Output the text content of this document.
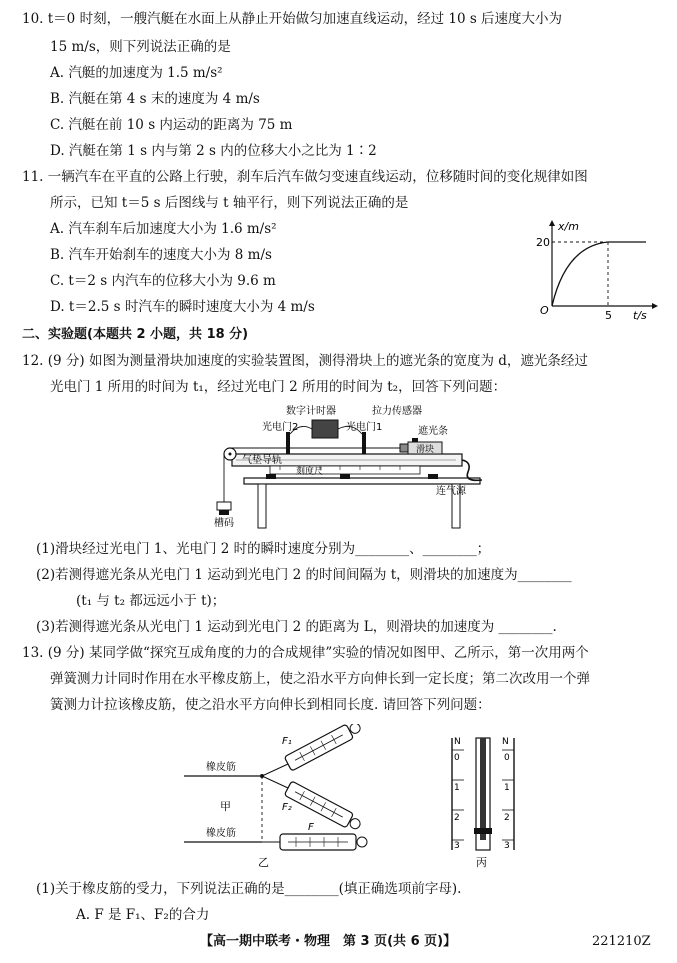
10. t＝0 时刻，一艘汽艇在水面上从静止开始做匀加速直线运动，经过 10 s 后速度大小为
15 m/s，则下列说法正确的是
A. 汽艇的加速度为 1.5 m/s²
B. 汽艇在第 4 s 末的速度为 4 m/s
C. 汽艇在前 10 s 内运动的距离为 75 m
D. 汽艇在第 1 s 内与第 2 s 内的位移大小之比为 1∶2
11. 一辆汽车在平直的公路上行驶，刹车后汽车做匀变速直线运动，位移随时间的变化规律如图
所示，已知 t＝5 s 后图线与 t 轴平行，则下列说法正确的是
A. 汽车刹车后加速度大小为 1.6 m/s²
B. 汽车开始刹车的速度大小为 8 m/s
C. t＝2 s 内汽车的位移大小为 9.6 m
D. t＝2.5 s 时汽车的瞬时速度大小为 4 m/s
x/m
20
O	5 t/s
二、实验题(本题共 2 小题，共 18 分)
12. (9 分) 如图为测量滑块加速度的实验装置图，测得滑块上的遮光条的宽度为 d，遮光条经过
光电门 1 所用的时间为 t₁，经过光电门 2 所用的时间为 t₂，回答下列问题：
数字计时器	拉力传感器
光电门2	光电门1	遮光条
滑块
气垫导轨
刻度尺
连气源
槽码
(1)滑块经过光电门 1、光电门 2 时的瞬时速度分别为________、________；
(2)若测得遮光条从光电门 1 运动到光电门 2 的时间间隔为 t，则滑块的加速度为________
(t₁ 与 t₂ 都远远小于 t)；
(3)若测得遮光条从光电门 1 运动到光电门 2 的距离为 L，则滑块的加速度为 ________.
13. (9 分) 某同学做“探究互成角度的力的合成规律”实验的情况如图甲、乙所示，第一次用两个
弹簧测力计同时作用在水平橡皮筋上，使之沿水平方向伸长到一定长度；第二次改用一个弹
簧测力计拉该橡皮筋，使之沿水平方向伸长到相同长度. 请回答下列问题：
橡皮筋
橡皮筋
F₁
F₂
F
甲
乙
N	N
0
1
2
3
0
1
2
3
丙
(1)关于橡皮筋的受力，下列说法正确的是________(填正确选项前字母).
A. F 是 F₁、F₂的合力
【高一期中联考・物理　第 3 页(共 6 页)】	221210Z
